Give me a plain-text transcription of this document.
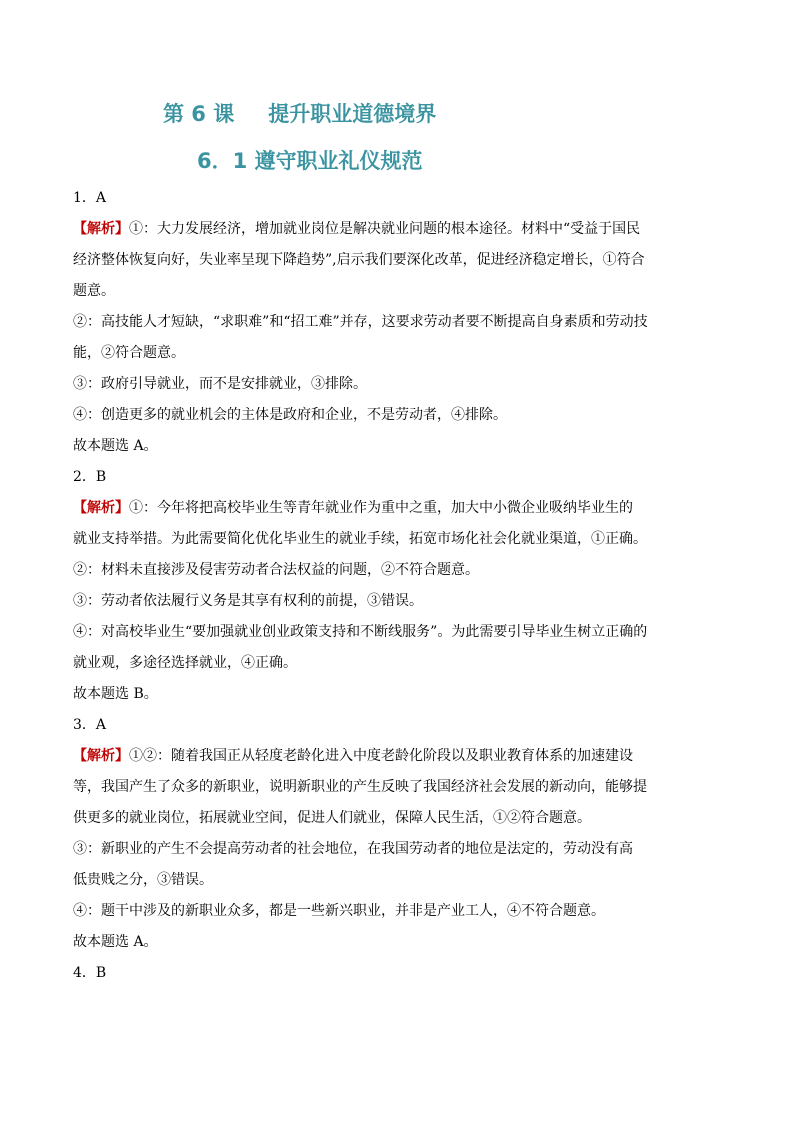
第 6 课 提升职业道德境界
6．1 遵守职业礼仪规范
1．A
【解析】①：大力发展经济，增加就业岗位是解决就业问题的根本途径。材料中“受益于国民
经济整体恢复向好，失业率呈现下降趋势”,启示我们要深化改革，促进经济稳定增长，①符合
题意。
②：高技能人才短缺，“求职难”和“招工难”并存，这要求劳动者要不断提高自身素质和劳动技
能，②符合题意。
③：政府引导就业，而不是安排就业，③排除。
④：创造更多的就业机会的主体是政府和企业，不是劳动者，④排除。
故本题选 A。
2．B
【解析】①：今年将把高校毕业生等青年就业作为重中之重，加大中小微企业吸纳毕业生的
就业支持举措。为此需要简化优化毕业生的就业手续，拓宽市场化社会化就业渠道，①正确。
②：材料未直接涉及侵害劳动者合法权益的问题，②不符合题意。
③：劳动者依法履行义务是其享有权利的前提，③错误。
④：对高校毕业生“要加强就业创业政策支持和不断线服务”。为此需要引导毕业生树立正确的
就业观，多途径选择就业，④正确。
故本题选 B。
3．A
【解析】①②：随着我国正从轻度老龄化进入中度老龄化阶段以及职业教育体系的加速建设
等，我国产生了众多的新职业，说明新职业的产生反映了我国经济社会发展的新动向，能够提
供更多的就业岗位，拓展就业空间，促进人们就业，保障人民生活，①②符合题意。
③：新职业的产生不会提高劳动者的社会地位，在我国劳动者的地位是法定的，劳动没有高
低贵贱之分，③错误。
④：题干中涉及的新职业众多，都是一些新兴职业，并非是产业工人，④不符合题意。
故本题选 A。
4．B
